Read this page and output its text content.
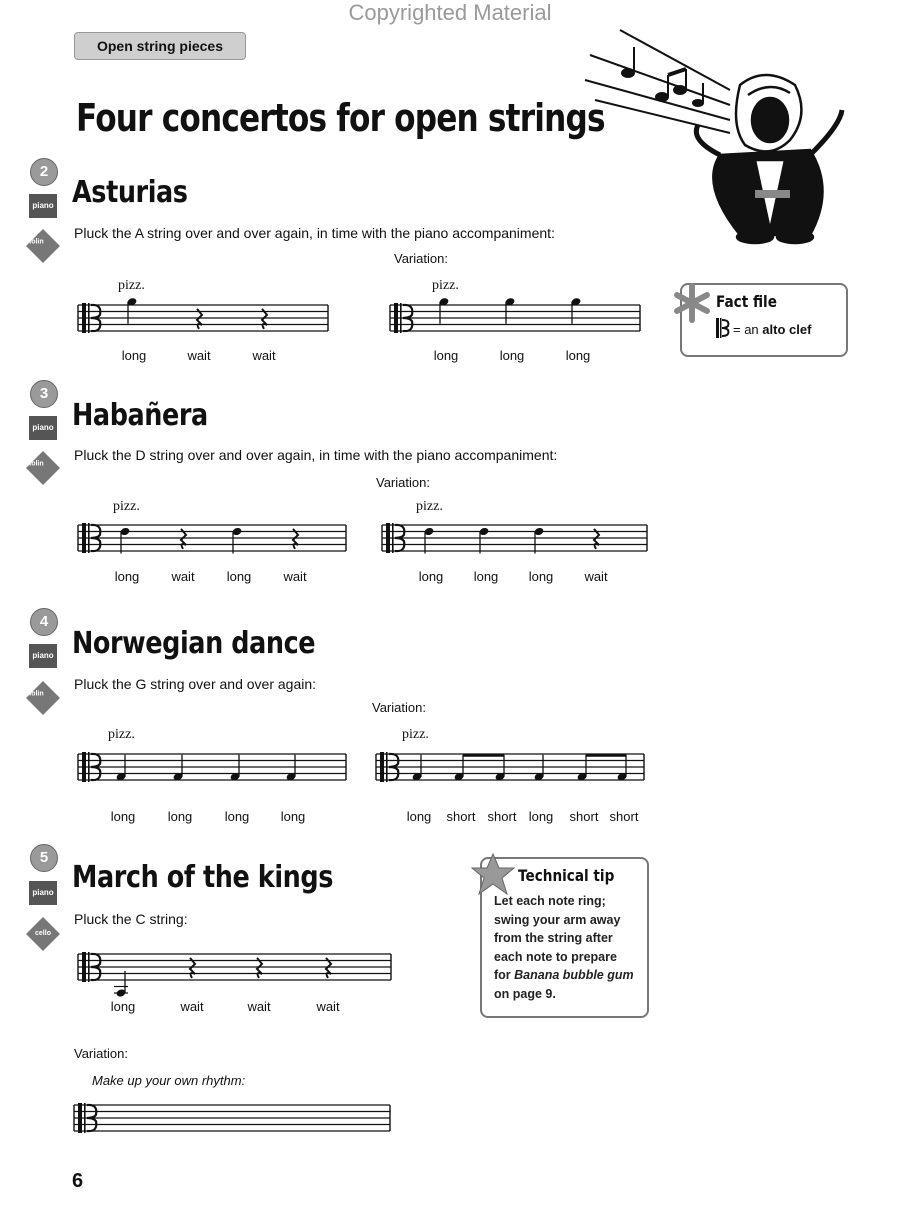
Copyrighted Material
Open string pieces
Four concertos for open strings
2
piano
violin cello
Asturias
Pluck the A string over and over again, in time with the piano accompaniment:
Variation:
pizz.	pizz.
long	wait	wait	long	long	long
Fact file
= an alto clef
3
piano
violin cello
Habañera
Pluck the D string over and over again, in time with the piano accompaniment:
Variation:
pizz.	pizz.
long wait long wait	long long long wait
4
piano
violin cello
Norwegian dance
Pluck the G string over and over again:
Variation:
pizz.	pizz.
long long long long	long short short long short short
5
piano
cello
March of the kings
Pluck the C string:
long	wait	wait	wait
Variation:
Make up your own rhythm:
Technical tip
Let each note ring;
swing your arm away
from the string after
each note to prepare
for Banana bubble gum
on page 9.
6
